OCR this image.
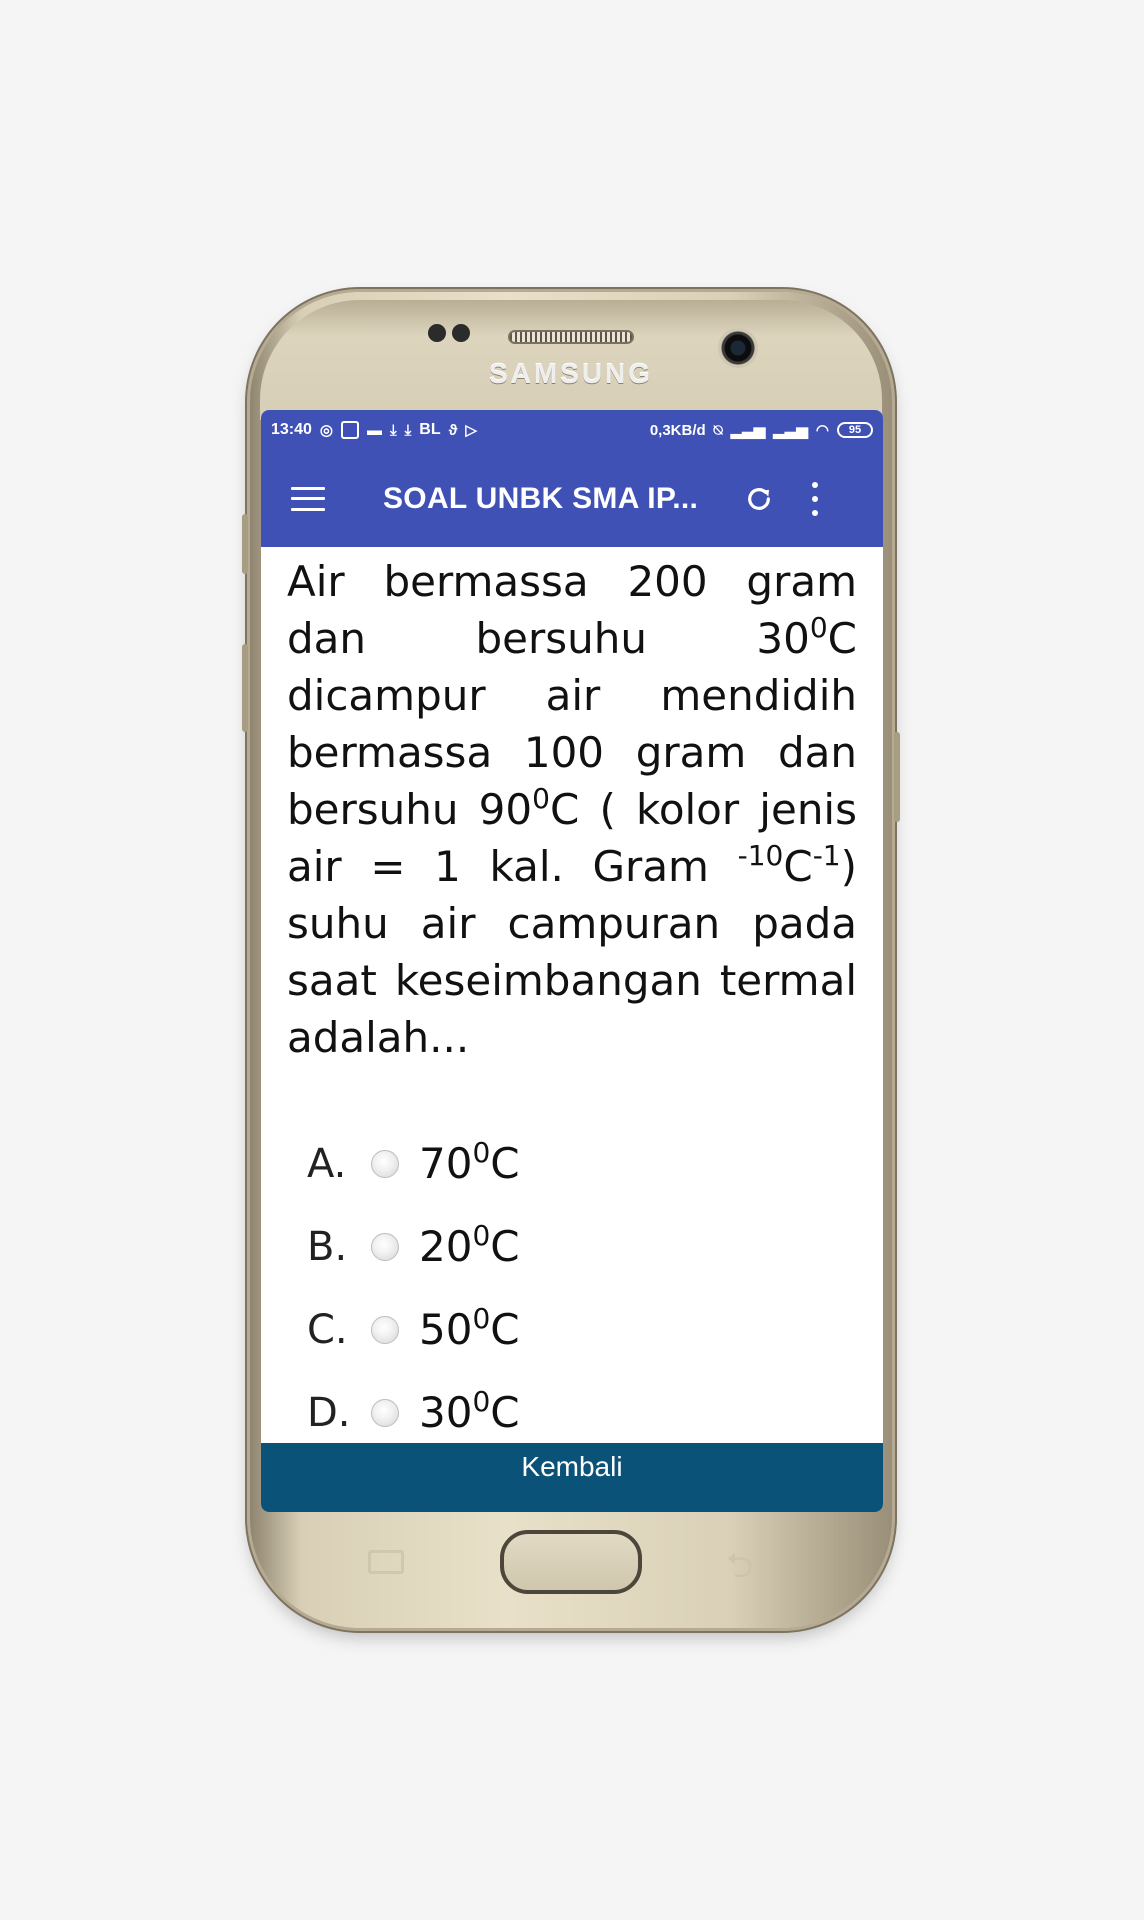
SAMSUNG
⮌
13:40 ◎ ▬ ⤓ ⤓ BL ϑ ▷	0,3KB/d ⍉ ▂▃▅ ▂▃▅ ◠	95
SOAL UNBK SMA IP...

Air bermassa 200 gram dan bersuhu $30^0C$ dicampur air mendidih bermassa 100 gram dan bersuhu $90^0C$ ( kolor jenis air = 1 kal. Gram $^{-10}C^{-1}$) suhu air campuran pada saat keseimbangan termal adalah...

A.	$70^0C$
B.	$20^0C$
C.	$50^0C$
D.	$30^0C$
Kembali
